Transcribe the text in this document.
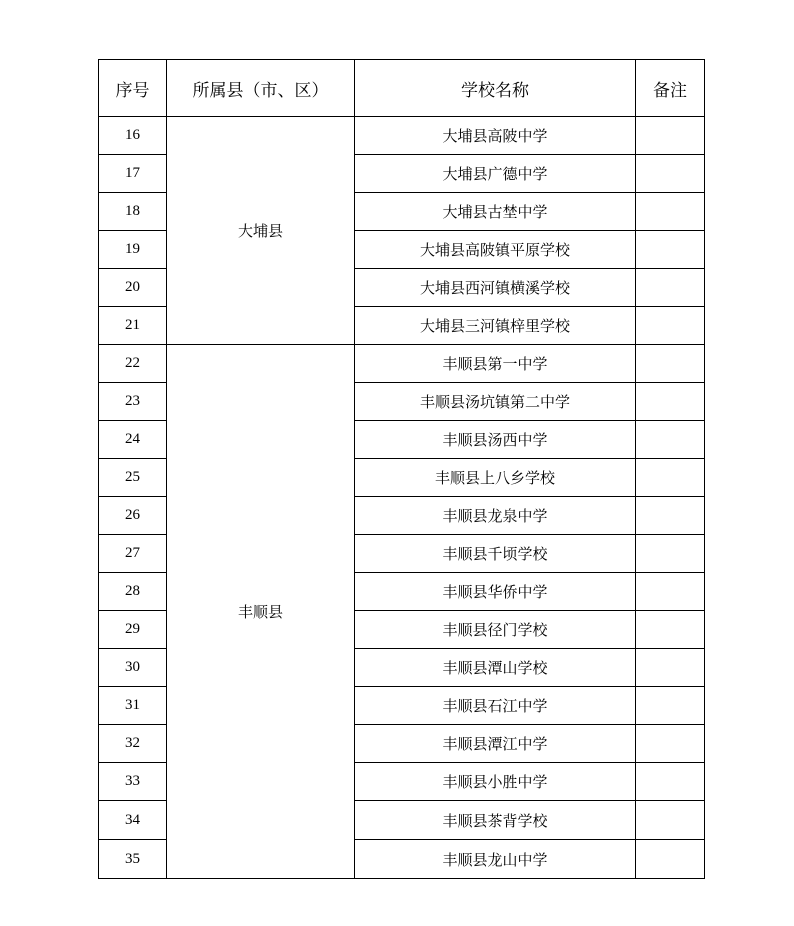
序号	所属县（市、区）	学校名称	备注
16	大埔县	大埔县高陂中学	
17		大埔县广德中学	
18		大埔县古埜中学	
19		大埔县高陂镇平原学校	
20		大埔县西河镇横溪学校	
21		大埔县三河镇梓里学校	
22	丰顺县	丰顺县第一中学	
23		丰顺县汤坑镇第二中学	
24		丰顺县汤西中学	
25		丰顺县上八乡学校	
26		丰顺县龙泉中学	
27		丰顺县千顷学校	
28		丰顺县华侨中学	
29		丰顺县径门学校	
30		丰顺县潭山学校	
31		丰顺县石江中学	
32		丰顺县潭江中学	
33		丰顺县小胜中学	
34		丰顺县茶背学校	
35		丰顺县龙山中学	
